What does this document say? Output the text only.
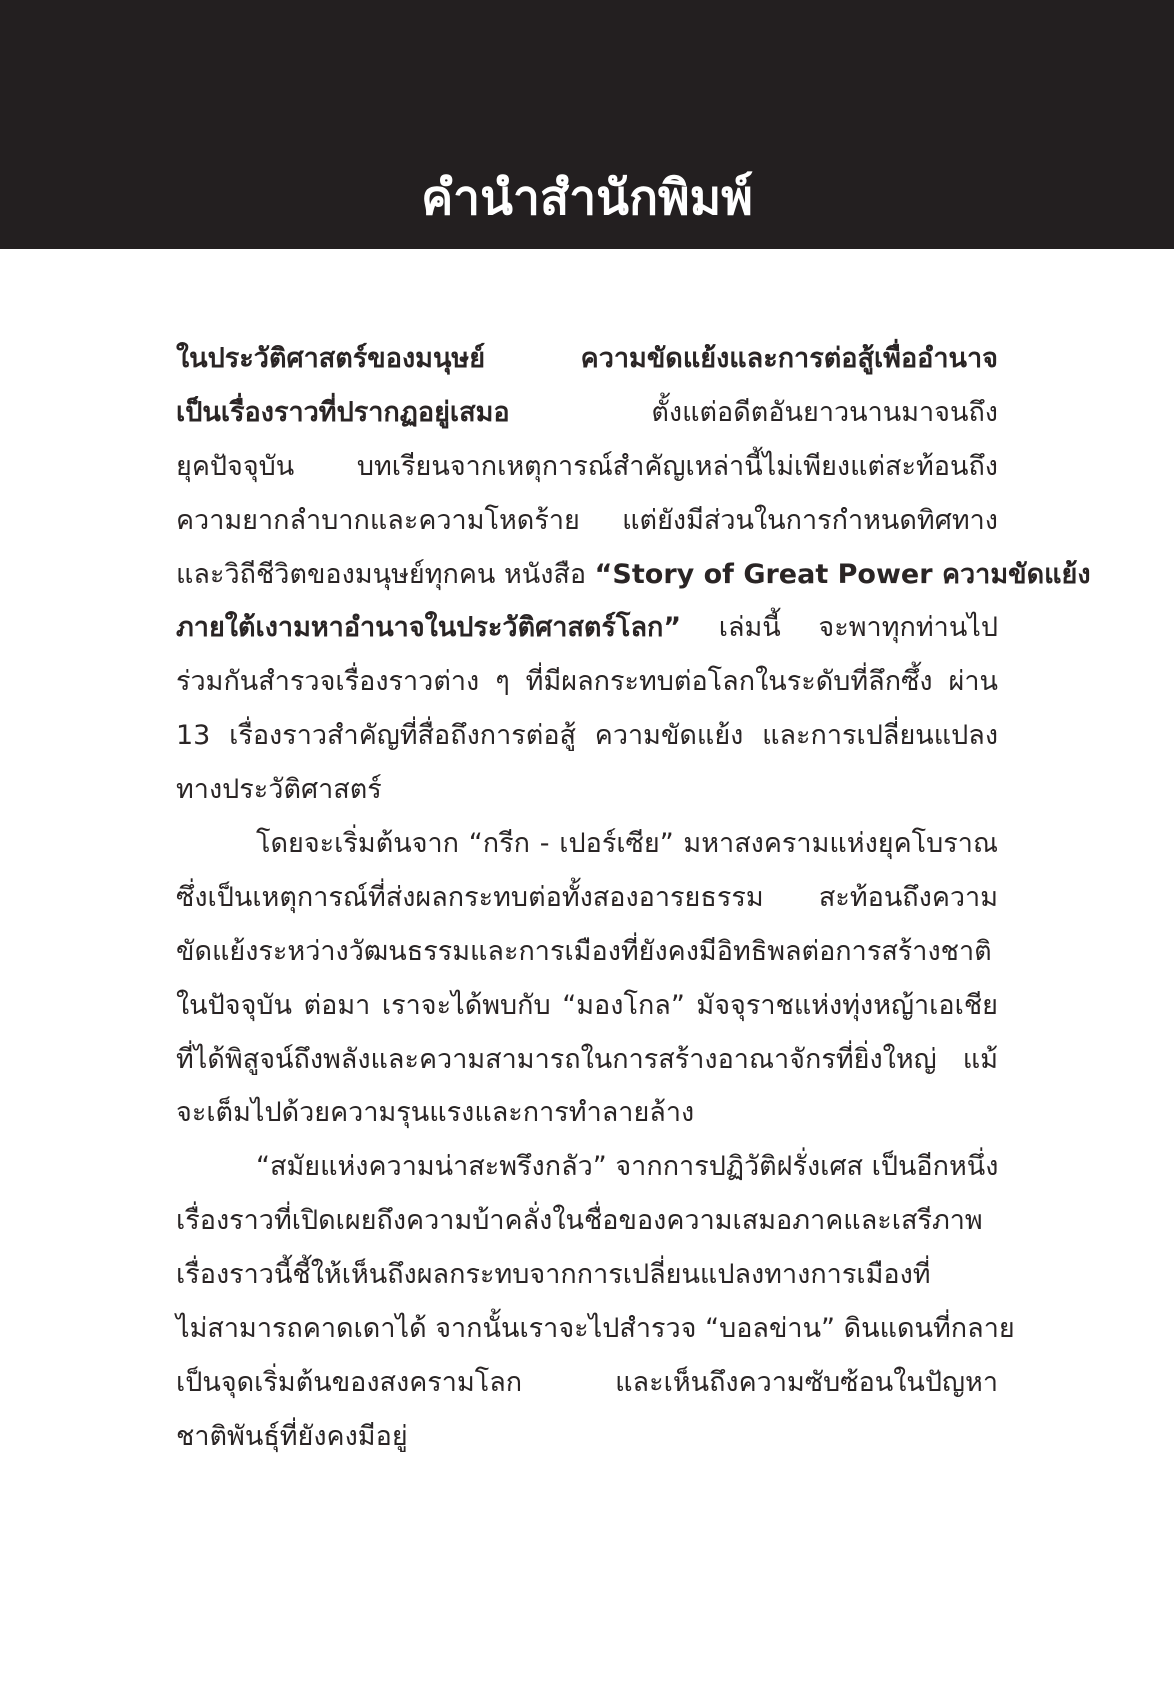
คำนำสำนักพิมพ์
ในประวัติศาสตร์ของมนุษย์ ความขัดแย้งและการต่อสู้เพื่ออำนาจ
เป็นเรื่องราวที่ปรากฏอยู่เสมอ ตั้งแต่อดีตอันยาวนานมาจนถึง
ยุคปัจจุบัน บทเรียนจากเหตุการณ์สำคัญเหล่านี้ไม่เพียงแต่สะท้อนถึง
ความยากลำบากและความโหดร้าย แต่ยังมีส่วนในการกำหนดทิศทาง
และวิถีชีวิตของมนุษย์ทุกคน หนังสือ “Story of Great Power ความขัดแย้ง
ภายใต้เงามหาอำนาจในประวัติศาสตร์โลก” เล่มนี้ จะพาทุกท่านไป
ร่วมกันสำรวจเรื่องราวต่าง ๆ ที่มีผลกระทบต่อโลกในระดับที่ลึกซึ้ง ผ่าน
13 เรื่องราวสำคัญที่สื่อถึงการต่อสู้ ความขัดแย้ง และการเปลี่ยนแปลง
ทางประวัติศาสตร์
โดยจะเริ่มต้นจาก “กรีก - เปอร์เซีย” มหาสงครามแห่งยุคโบราณ
ซึ่งเป็นเหตุการณ์ที่ส่งผลกระทบต่อทั้งสองอารยธรรม สะท้อนถึงความ
ขัดแย้งระหว่างวัฒนธรรมและการเมืองที่ยังคงมีอิทธิพลต่อการสร้างชาติ
ในปัจจุบัน ต่อมา เราจะได้พบกับ “มองโกล” มัจจุราชแห่งทุ่งหญ้าเอเชีย
ที่ได้พิสูจน์ถึงพลังและความสามารถในการสร้างอาณาจักรที่ยิ่งใหญ่ แม้
จะเต็มไปด้วยความรุนแรงและการทำลายล้าง
“สมัยแห่งความน่าสะพรึงกลัว” จากการปฏิวัติฝรั่งเศส เป็นอีกหนึ่ง
เรื่องราวที่เปิดเผยถึงความบ้าคลั่งในชื่อของความเสมอภาคและเสรีภาพ
เรื่องราวนี้ชี้ให้เห็นถึงผลกระทบจากการเปลี่ยนแปลงทางการเมืองที่
ไม่สามารถคาดเดาได้ จากนั้นเราจะไปสำรวจ “บอลข่าน” ดินแดนที่กลาย
เป็นจุดเริ่มต้นของสงครามโลก และเห็นถึงความซับซ้อนในปัญหา
ชาติพันธุ์ที่ยังคงมีอยู่
